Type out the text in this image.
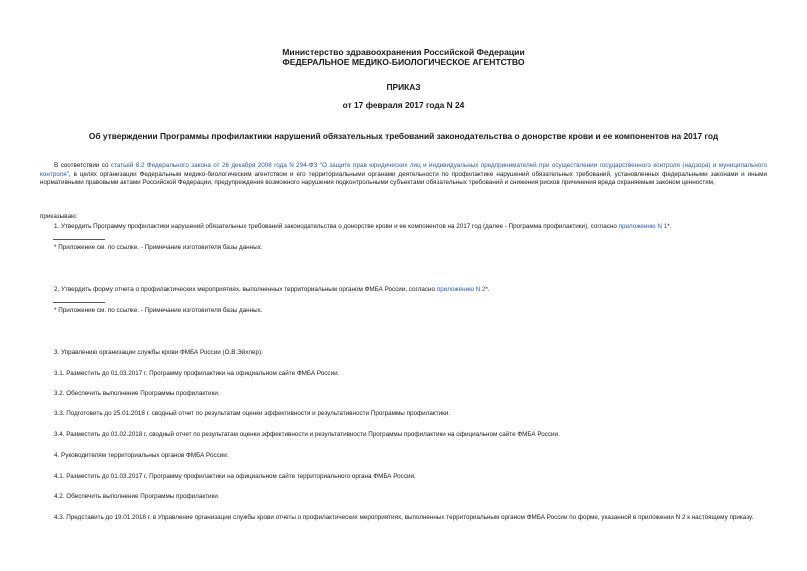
Министерство здравоохранения Российской Федерации
ФЕДЕРАЛЬНОЕ МЕДИКО-БИОЛОГИЧЕСКОЕ АГЕНТСТВО
ПРИКАЗ
от 17 февраля 2017 года N 24
Об утверждении Программы профилактики нарушений обязательных требований законодательства о донорстве крови и ее компонентов на 2017 год
В соответствии со статьей 8.2 Федерального закона от 26 декабря 2008 года N 294-ФЗ "О защите прав юридических лиц и индивидуальных предпринимателей при осуществлении государственного контроля (надзора) и муниципального контроля", в целях организации Федеральным медико-биологическим агентством и его территориальными органами деятельности по профилактике нарушений обязательных требований, установленных федеральными законами и иными нормативными правовыми актами Российской Федерации, предупреждения возможного нарушения подконтрольными субъектами обязательных требований и снижения рисков причинения вреда охраняемым законом ценностям,
приказываю:
1. Утвердить Программу профилактики нарушений обязательных требований законодательства о донорстве крови и ее компонентов на 2017 год (далее - Программа профилактики), согласно приложению N 1*.
* Приложение см. по ссылке. - Примечание изготовителя базы данных.
2. Утвердить форму отчета о профилактических мероприятиях, выполненных территориальным органом ФМБА России, согласно приложению N 2*.
* Приложение см. по ссылке. - Примечание изготовителя базы данных.
3. Управлению организации службы крови ФМБА России (О.В.Эйхлер):
3.1. Разместить до 01.03.2017 г. Программу профилактики на официальном сайте ФМБА России.
3.2. Обеспечить выполнение Программы профилактики.
3.3. Подготовить до 25.01.2018 г. сводный отчет по результатам оценки эффективности и результативности Программы профилактики.
3.4. Разместить до 01.02.2018 г. сводный отчет по результатам оценки эффективности и результативности Программы профилактики на официальном сайте ФМБА России.
4. Руководителям территориальных органов ФМБА России:
4.1. Разместить до 01.03.2017 г. Программу профилактики на официальном сайте территориального органа ФМБА России.
4.2. Обеспечить выполнение Программы профилактики.
4.3. Представить до 19.01.2018 г. в Управление организации службы крови отчеты о профилактических мероприятиях, выполненных территориальным органом ФМБА России по форме, указанной в приложении N 2 к настоящему приказу.
